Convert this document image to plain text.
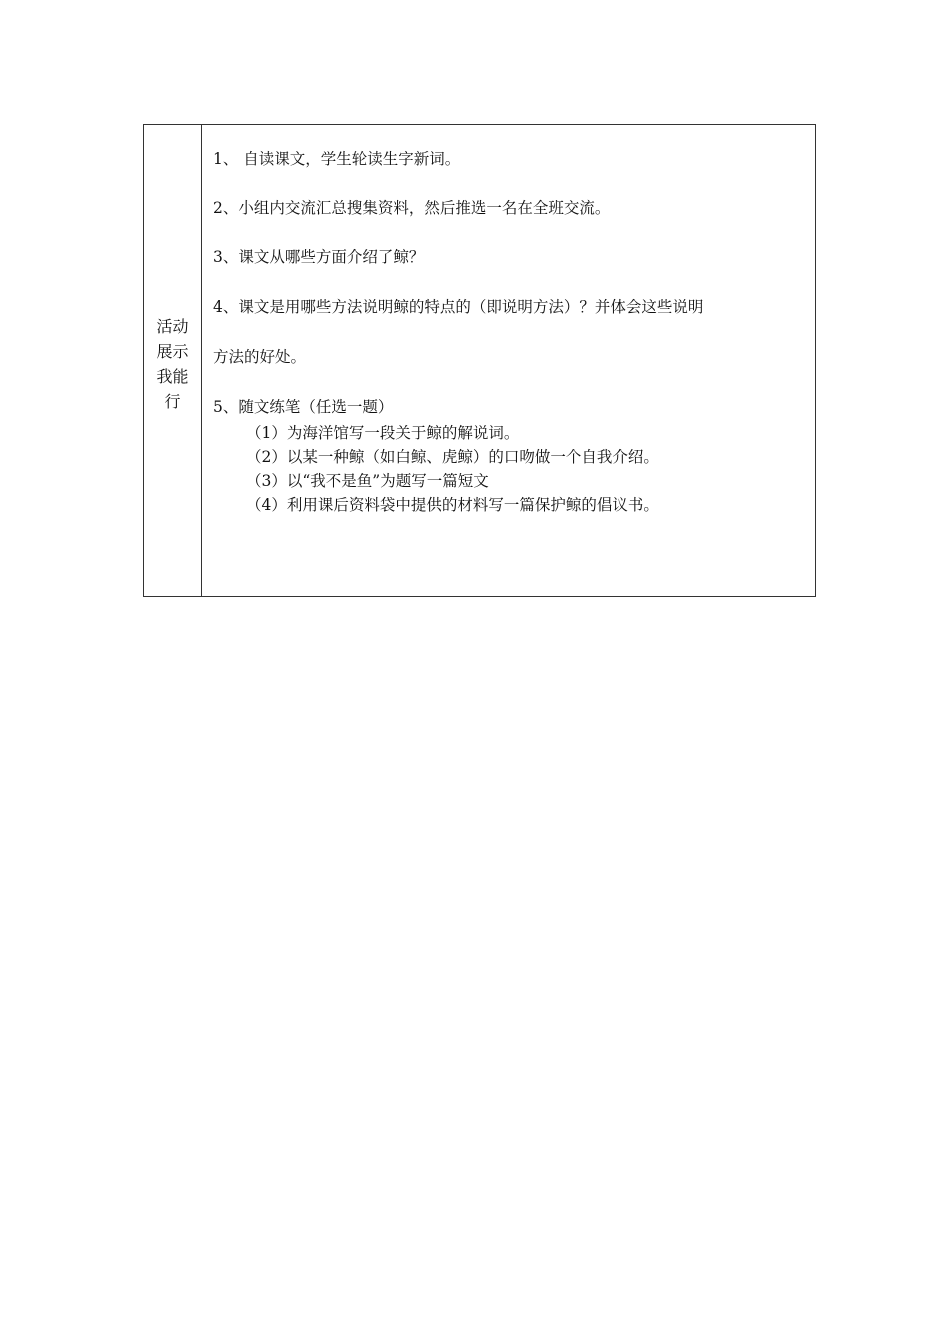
活动展示我能行
1、 自读课文，学生轮读生字新词。
2、小组内交流汇总搜集资料，然后推选一名在全班交流。
3、课文从哪些方面介绍了鲸？
4、课文是用哪些方法说明鲸的特点的（即说明方法）？并体会这些说明
方法的好处。
5、随文练笔（任选一题）
（1）为海洋馆写一段关于鲸的解说词。
（2）以某一种鲸（如白鲸、虎鲸）的口吻做一个自我介绍。
（3）以“我不是鱼”为题写一篇短文
（4）利用课后资料袋中提供的材料写一篇保护鲸的倡议书。
